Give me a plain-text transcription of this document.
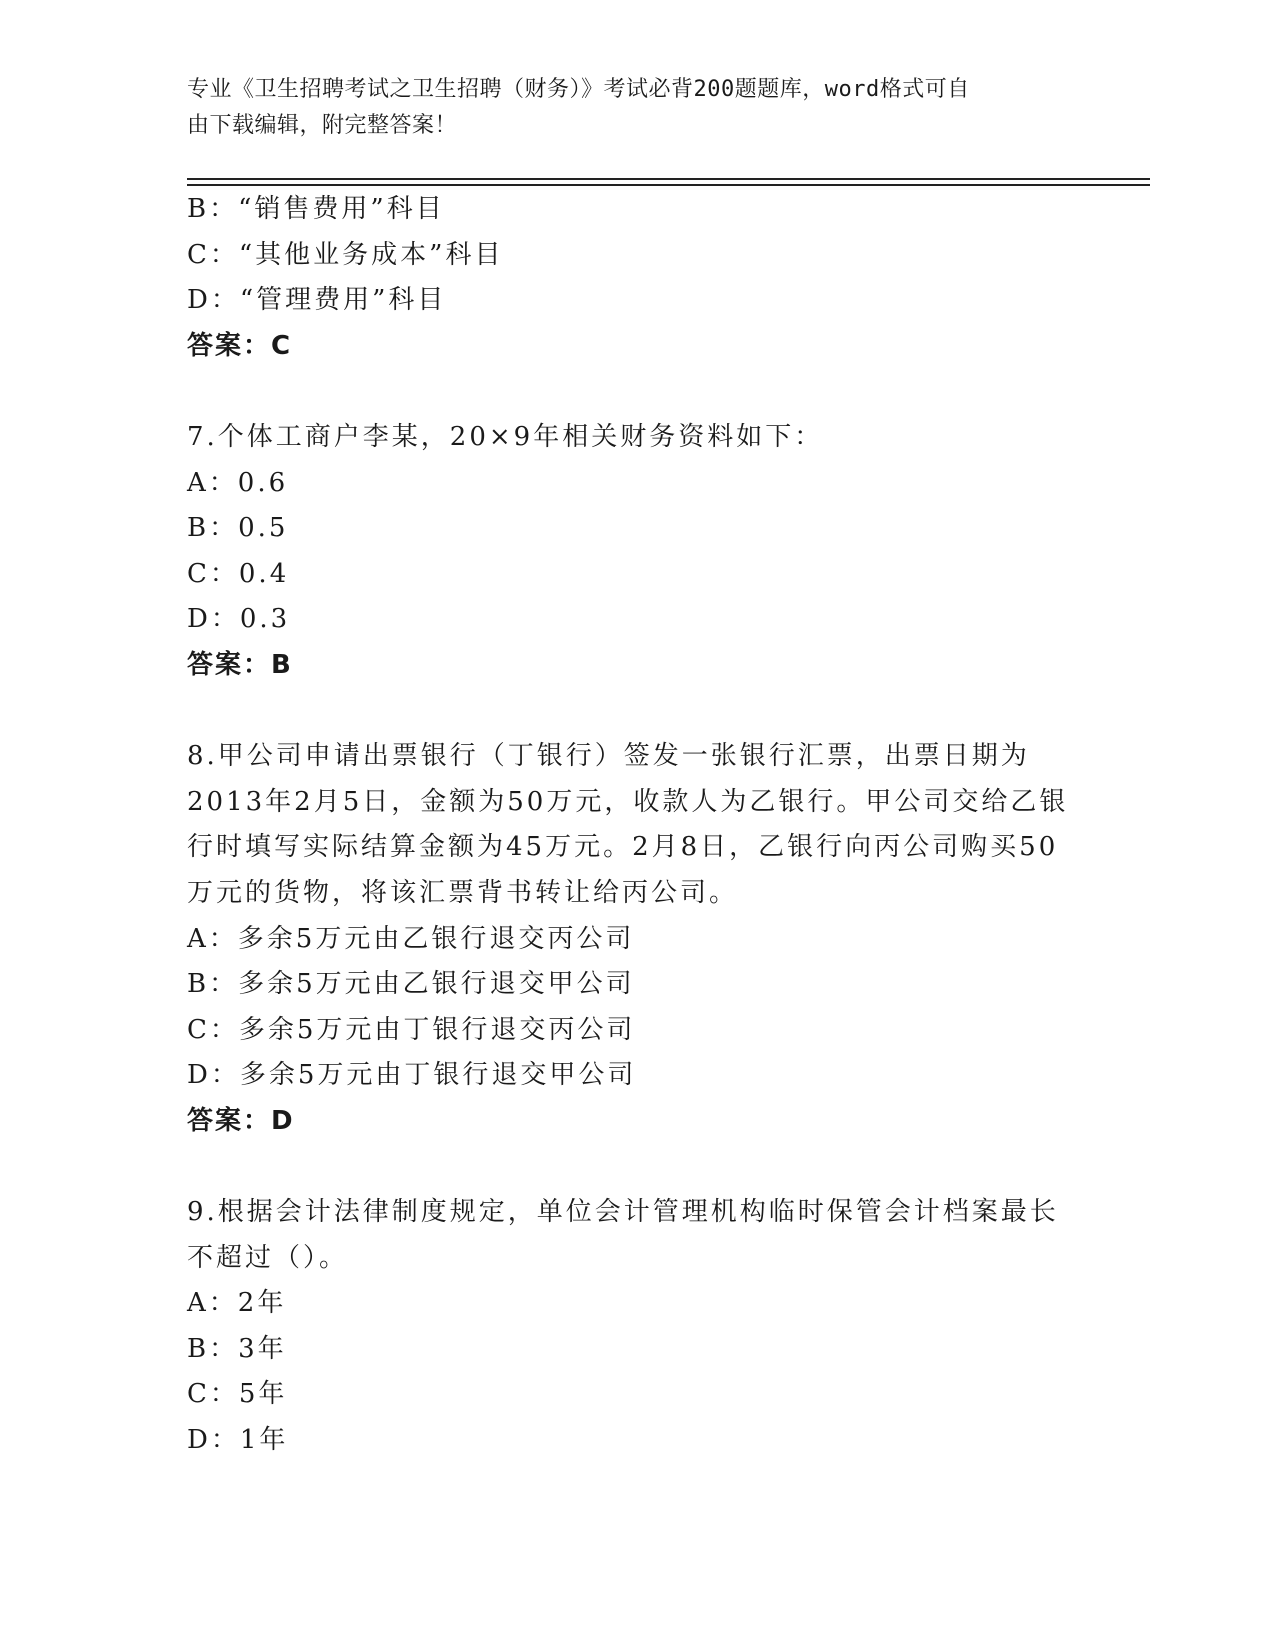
专业《卫生招聘考试之卫生招聘（财务）》考试必背200题题库，word格式可自
由下载编辑，附完整答案！
B：“销售费用”科目
C：“其他业务成本”科目
D：“管理费用”科目
答案：C
7.个体工商户李某，20×9年相关财务资料如下：
A：0.6
B：0.5
C：0.4
D：0.3
答案：B
8.甲公司申请出票银行（丁银行）签发一张银行汇票，出票日期为
2013年2月5日，金额为50万元，收款人为乙银行。甲公司交给乙银
行时填写实际结算金额为45万元。2月8日，乙银行向丙公司购买50
万元的货物，将该汇票背书转让给丙公司。
A：多余5万元由乙银行退交丙公司
B：多余5万元由乙银行退交甲公司
C：多余5万元由丁银行退交丙公司
D：多余5万元由丁银行退交甲公司
答案：D
9.根据会计法律制度规定，单位会计管理机构临时保管会计档案最长
不超过（）。
A：2年
B：3年
C：5年
D：1年
